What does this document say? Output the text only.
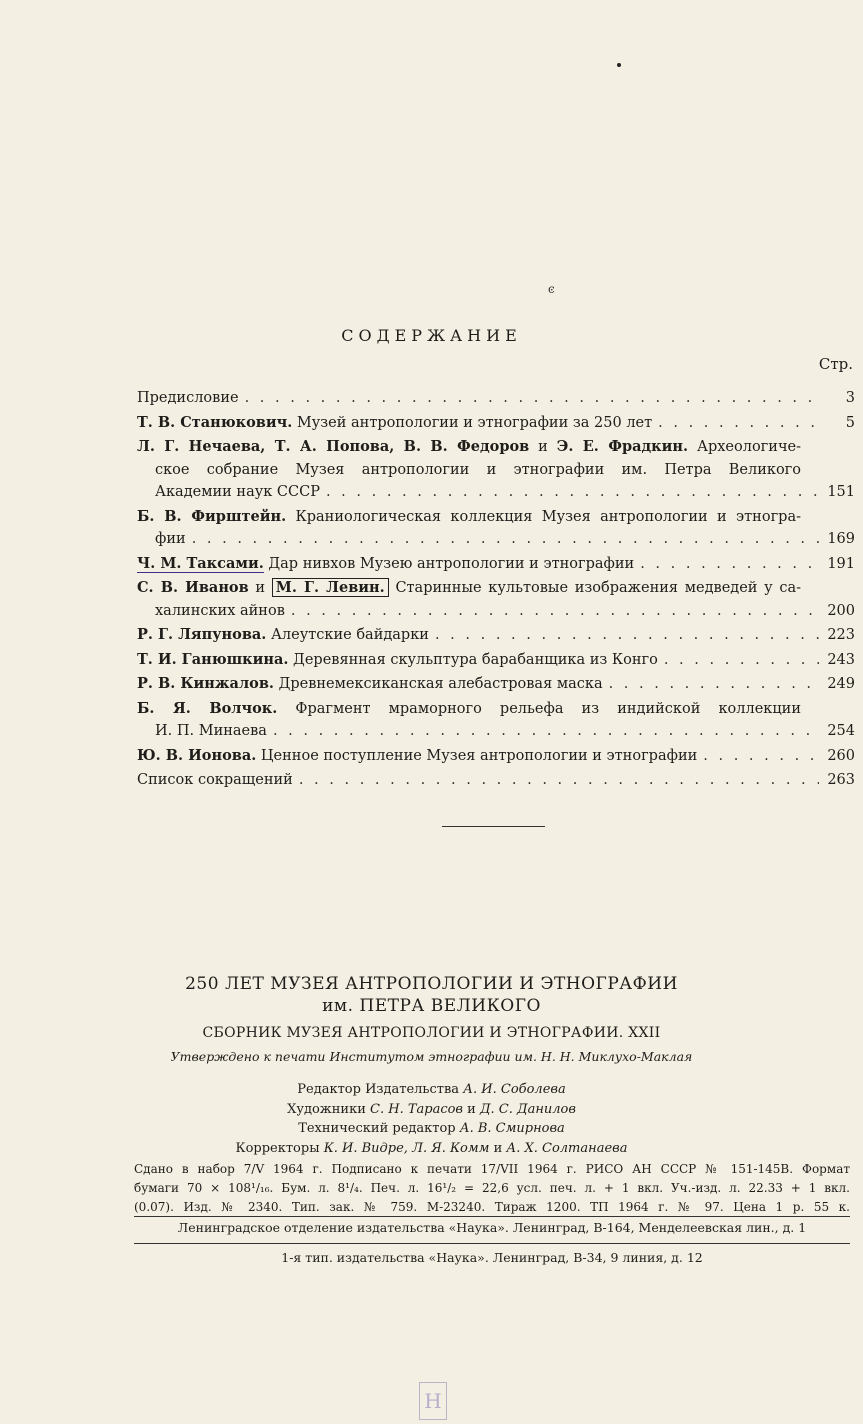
ͼ
СОДЕРЖАНИЕ
Стр.
Предисловие . . .	3
Т. В. Станюкович. Музей антропологии и этнографии за 250 лет . . .	5
Л. Г. Нечаева, Т. А. Попова, В. В. Федоров и Э. Е. Фрадкин. Археологиче-
ское собрание Музея антропологии и этнографии им. Петра Великого
Академии наук СССР . . .	151
Б. В. Фирштейн. Краниологическая коллекция Музея антропологии и этногра-
фии . . .	169
Ч. М. Таксами. Дар нивхов Музею антропологии и этнографии . . .	191
С. В. Иванов и М. Г. Левин. Старинные культовые изображения медведей у са-
халинских айнов . . .	200
Р. Г. Ляпунова. Алеутские байдарки . . .	223
Т. И. Ганюшкина. Деревянная скульптура барабанщика из Конго . . .	243
Р. В. Кинжалов. Древнемексиканская алебастровая маска . . .	249
Б. Я. Волчок. Фрагмент мраморного рельефа из индийской коллекции
И. П. Минаева . . .	254
Ю. В. Ионова. Ценное поступление Музея антропологии и этнографии . . .	260
Список сокращений . . .	263
250 ЛЕТ МУЗЕЯ АНТРОПОЛОГИИ И ЭТНОГРАФИИ
им. ПЕТРА ВЕЛИКОГО
СБОРНИК МУЗЕЯ АНТРОПОЛОГИИ И ЭТНОГРАФИИ. XXII
Утверждено к печати Институтом этнографии им. Н. Н. Миклухо-Маклая
Редактор Издательства А. И. Соболева
Художники С. Н. Тарасов и Д. С. Данилов
Технический редактор А. В. Смирнова
Корректоры К. И. Видре, Л. Я. Комм и А. Х. Солтанаева
Сдано в набор 7/V 1964 г. Подписано к печати 17/VII 1964 г. РИСО АН СССР № 151-145В. Формат
бумаги 70 × 108¹/₁₆. Бум. л. 8¹/₄. Печ. л. 16¹/₂ = 22,6 усл. печ. л. + 1 вкл. Уч.-изд. л. 22.33 + 1 вкл.
(0.07). Изд. № 2340. Тип. зак. № 759. М-23240. Тираж 1200. ТП 1964 г. № 97. Цена 1 р. 55 к.
Ленинградское отделение издательства «Наука». Ленинград, В-164, Менделеевская лин., д. 1
1-я тип. издательства «Наука». Ленинград, В-34, 9 линия, д. 12
Н
